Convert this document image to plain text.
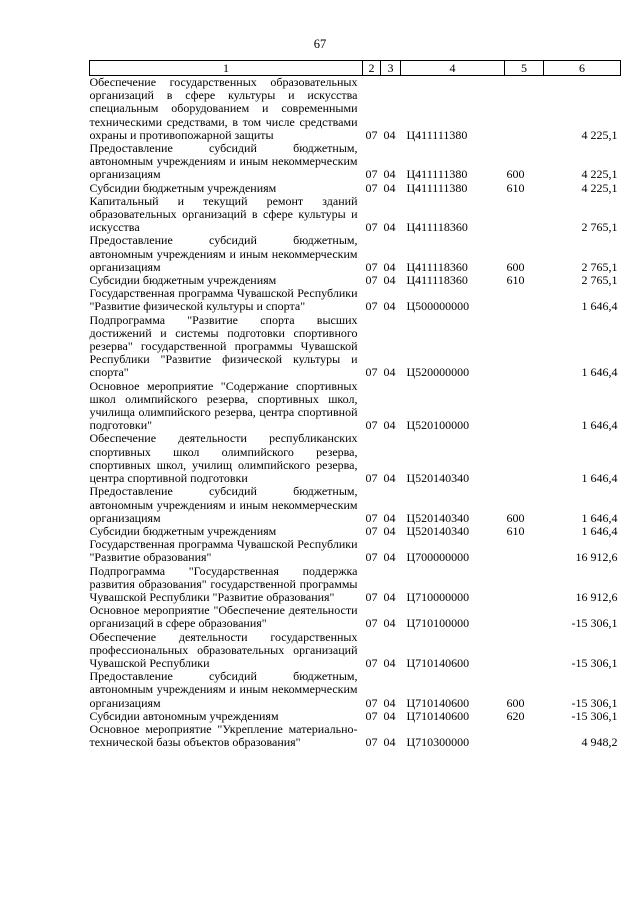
67
1	2	3	4	5	6
Обеспечение государственных образовательных организаций в сфере культуры и искусства специальным оборудованием и современными техническими средствами, в том числе средствами охраны и противопожарной защиты	07	04	Ц411111380		4 225,1
Предоставление субсидий бюджетным, автономным учреждениям и иным некоммерческим организациям	07	04	Ц411111380	600	4 225,1
Субсидии бюджетным учреждениям	07	04	Ц411111380	610	4 225,1
Капитальный и текущий ремонт зданий образовательных организаций в сфере культуры и искусства	07	04	Ц411118360		2 765,1
Предоставление субсидий бюджетным, автономным учреждениям и иным некоммерческим организациям	07	04	Ц411118360	600	2 765,1
Субсидии бюджетным учреждениям	07	04	Ц411118360	610	2 765,1
Государственная программа Чувашской Республики "Развитие физической культуры и спорта"	07	04	Ц500000000		1 646,4
Подпрограмма "Развитие спорта высших достижений и системы подготовки спортивного резерва" государственной программы Чувашской Республики "Развитие физической культуры и спорта"	07	04	Ц520000000		1 646,4
Основное мероприятие "Содержание спортивных школ олимпийского резерва, спортивных школ, училища олимпийского резерва, центра спортивной подготовки"	07	04	Ц520100000		1 646,4
Обеспечение деятельности республиканских спортивных школ олимпийского резерва, спортивных школ, училищ олимпийского резерва, центра спортивной подготовки	07	04	Ц520140340		1 646,4
Предоставление субсидий бюджетным, автономным учреждениям и иным некоммерческим организациям	07	04	Ц520140340	600	1 646,4
Субсидии бюджетным учреждениям	07	04	Ц520140340	610	1 646,4
Государственная программа Чувашской Республики "Развитие образования"	07	04	Ц700000000		16 912,6
Подпрограмма "Государственная поддержка развития образования" государственной программы Чувашской Республики "Развитие образования"	07	04	Ц710000000		16 912,6
Основное мероприятие "Обеспечение деятельности организаций в сфере образования"	07	04	Ц710100000		-15 306,1
Обеспечение деятельности государственных профессиональных образовательных организаций Чувашской Республики	07	04	Ц710140600		-15 306,1
Предоставление субсидий бюджетным, автономным учреждениям и иным некоммерческим организациям	07	04	Ц710140600	600	-15 306,1
Субсидии автономным учреждениям	07	04	Ц710140600	620	-15 306,1
Основное мероприятие "Укрепление материально-технической базы объектов образования"	07	04	Ц710300000		4 948,2
